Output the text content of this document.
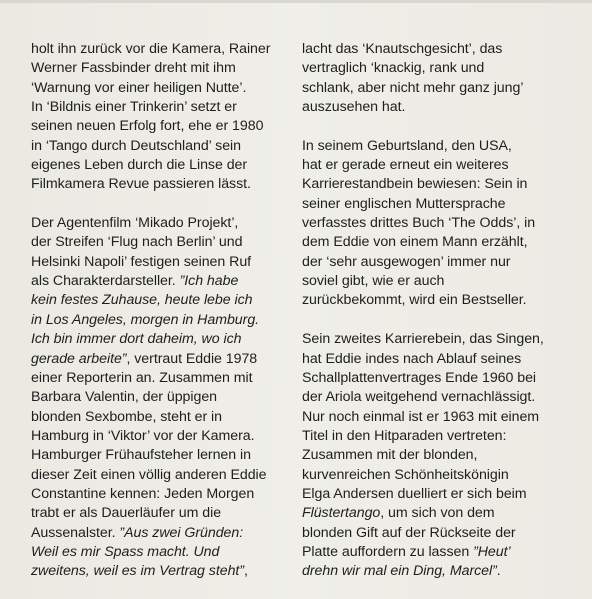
holt ihn zurück vor die Kamera, Rainer
Werner Fassbinder dreht mit ihm
‘Warnung vor einer heiligen Nutte’.
In ‘Bildnis einer Trinkerin’ setzt er
seinen neuen Erfolg fort, ehe er 1980
in ‘Tango durch Deutschland’ sein
eigenes Leben durch die Linse der
Filmkamera Revue passieren lässt.
Der Agentenfilm ‘Mikado Projekt’,
der Streifen ‘Flug nach Berlin’ und
Helsinki Napoli’ festigen seinen Ruf
als Charakterdarsteller. ”Ich habe
kein festes Zuhause, heute lebe ich
in Los Angeles, morgen in Hamburg.
Ich bin immer dort daheim, wo ich
gerade arbeite”, vertraut Eddie 1978
einer Reporterin an. Zusammen mit
Barbara Valentin, der üppigen
blonden Sexbombe, steht er in
Hamburg in ‘Viktor’ vor der Kamera.
Hamburger Frühaufsteher lernen in
dieser Zeit einen völlig anderen Eddie
Constantine kennen: Jeden Morgen
trabt er als Dauerläufer um die
Aussenalster. ”Aus zwei Gründen:
Weil es mir Spass macht. Und
zweitens, weil es im Vertrag steht”,
lacht das ‘Knautschgesicht’, das
vertraglich ‘knackig, rank und
schlank, aber nicht mehr ganz jung’
auszusehen hat.
In seinem Geburtsland, den USA,
hat er gerade erneut ein weiteres
Karrierestandbein bewiesen: Sein in
seiner englischen Muttersprache
verfasstes drittes Buch ‘The Odds’, in
dem Eddie von einem Mann erzählt,
der ‘sehr ausgewogen’ immer nur
soviel gibt, wie er auch
zurückbekommt, wird ein Bestseller.
Sein zweites Karrierebein, das Singen,
hat Eddie indes nach Ablauf seines
Schallplattenvertrages Ende 1960 bei
der Ariola weitgehend vernachlässigt.
Nur noch einmal ist er 1963 mit einem
Titel in den Hitparaden vertreten:
Zusammen mit der blonden,
kurvenreichen Schönheitskönigin
Elga Andersen duelliert er sich beim
Flüstertango, um sich von dem
blonden Gift auf der Rückseite der
Platte auffordern zu lassen ”Heut’
drehn wir mal ein Ding, Marcel”.
